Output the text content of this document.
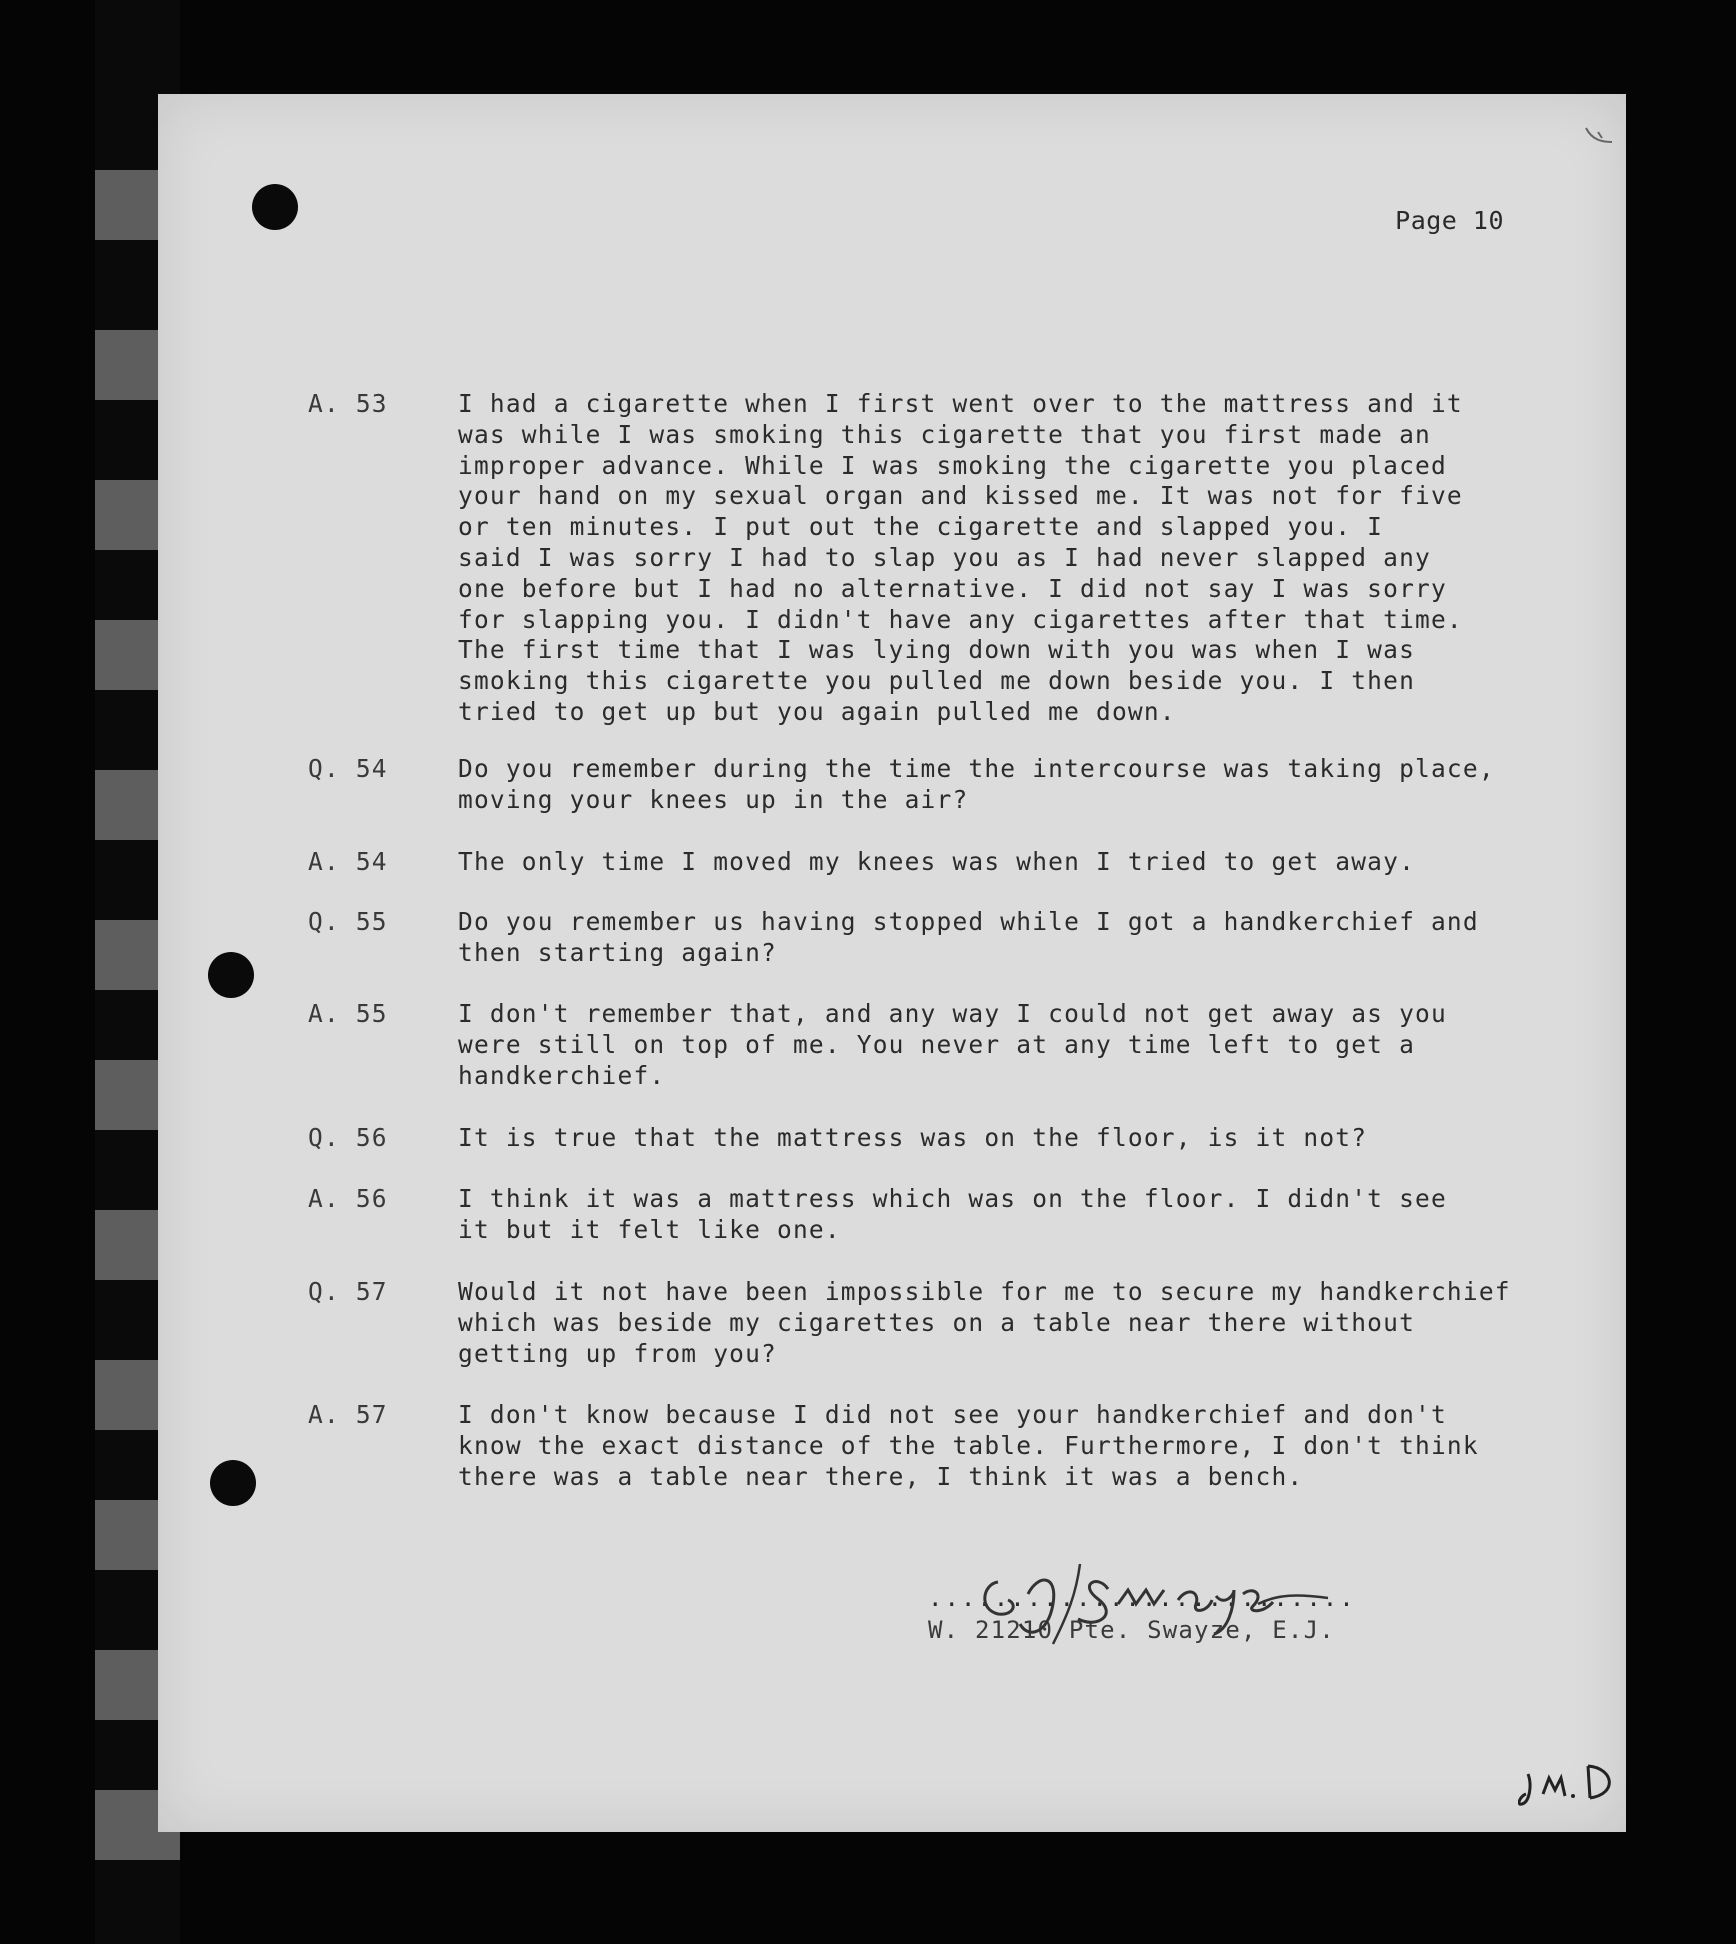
Page 10
A. 53	I had a cigarette when I first went over to the mattress and it
was while I was smoking this cigarette that you first made an
improper advance. While I was smoking the cigarette you placed
your hand on my sexual organ and kissed me. It was not for five
or ten minutes. I put out the cigarette and slapped you. I
said I was sorry I had to slap you as I had never slapped any
one before but I had no alternative. I did not say I was sorry
for slapping you. I didn't have any cigarettes after that time.
The first time that I was lying down with you was when I was
smoking this cigarette you pulled me down beside you. I then
tried to get up but you again pulled me down.
Q. 54	Do you remember during the time the intercourse was taking place,
moving your knees up in the air?
A. 54	The only time I moved my knees was when I tried to get away.
Q. 55	Do you remember us having stopped while I got a handkerchief and
then starting again?
A. 55	I don't remember that, and any way I could not get away as you
were still on top of me. You never at any time left to get a
handkerchief.
Q. 56	It is true that the mattress was on the floor, is it not?
A. 56	I think it was a mattress which was on the floor. I didn't see
it but it felt like one.
Q. 57	Would it not have been impossible for me to secure my handkerchief
which was beside my cigarettes on a table near there without
getting up from you?
A. 57	I don't know because I did not see your handkerchief and don't
know the exact distance of the table. Furthermore, I don't think
there was a table near there, I think it was a bench.
..........................
W. 21210 Pte. Swayze, E.J.
